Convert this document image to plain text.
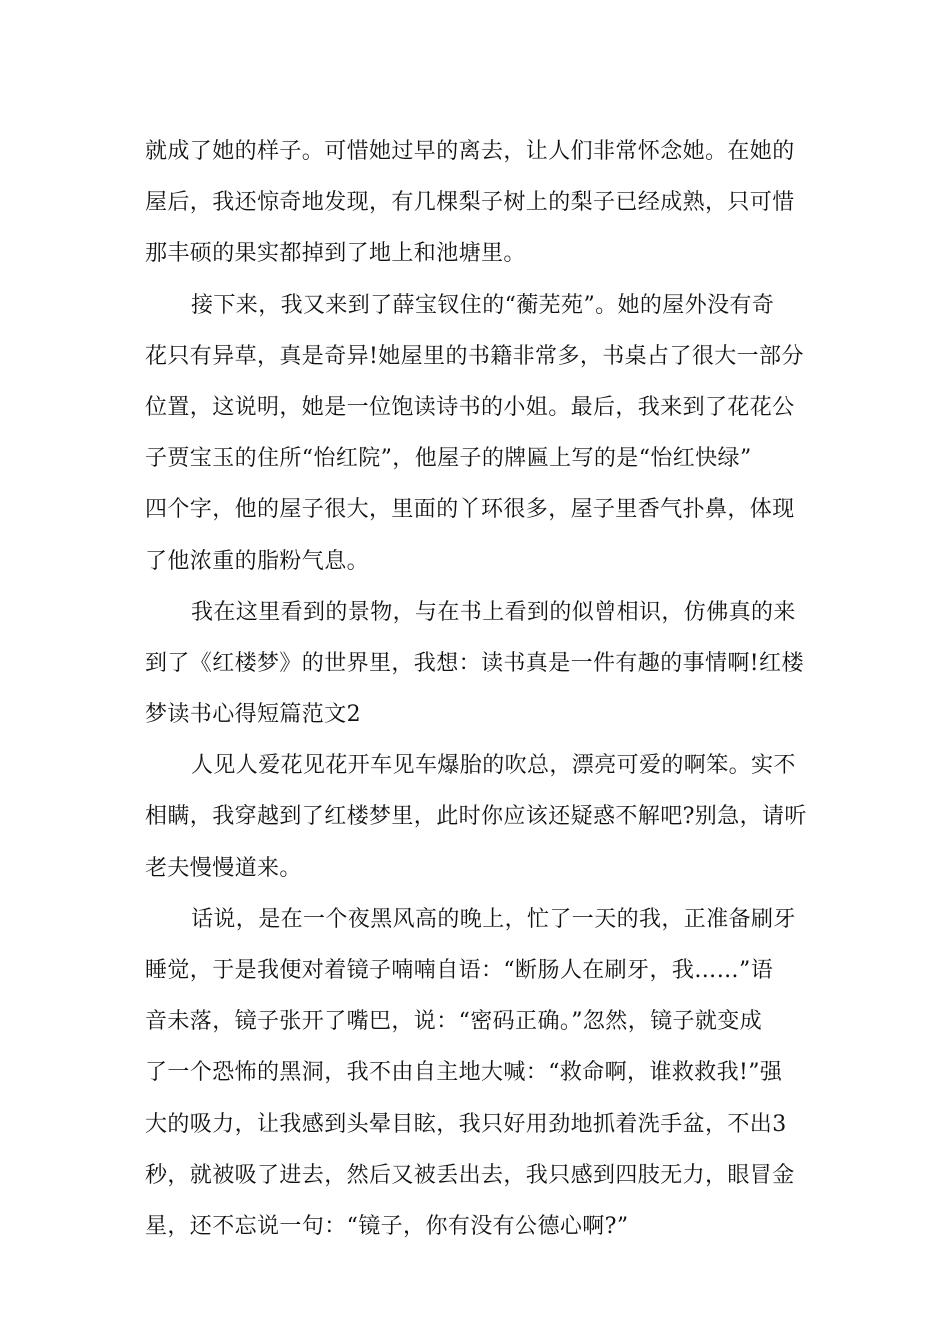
就成了她的样子。可惜她过早的离去，让人们非常怀念她。在她的
屋后，我还惊奇地发现，有几棵梨子树上的梨子已经成熟，只可惜
那丰硕的果实都掉到了地上和池塘里。
接下来，我又来到了薛宝钗住的“蘅芜苑”。她的屋外没有奇
花只有异草，真是奇异!她屋里的书籍非常多，书桌占了很大一部分
位置，这说明，她是一位饱读诗书的小姐。最后，我来到了花花公
子贾宝玉的住所“怡红院”，他屋子的牌匾上写的是“怡红快绿”
四个字，他的屋子很大，里面的丫环很多，屋子里香气扑鼻，体现
了他浓重的脂粉气息。
我在这里看到的景物，与在书上看到的似曾相识，仿佛真的来
到了《红楼梦》的世界里，我想：读书真是一件有趣的事情啊!红楼
梦读书心得短篇范文2
人见人爱花见花开车见车爆胎的吹总，漂亮可爱的啊笨。实不
相瞒，我穿越到了红楼梦里，此时你应该还疑惑不解吧?别急，请听
老夫慢慢道来。
话说，是在一个夜黑风高的晚上，忙了一天的我，正准备刷牙
睡觉，于是我便对着镜子喃喃自语：“断肠人在刷牙，我……”语
音未落，镜子张开了嘴巴，说：“密码正确。”忽然，镜子就变成
了一个恐怖的黑洞，我不由自主地大喊：“救命啊，谁救救我!”强
大的吸力，让我感到头晕目眩，我只好用劲地抓着洗手盆，不出3
秒，就被吸了进去，然后又被丢出去，我只感到四肢无力，眼冒金
星，还不忘说一句：“镜子，你有没有公德心啊?”
